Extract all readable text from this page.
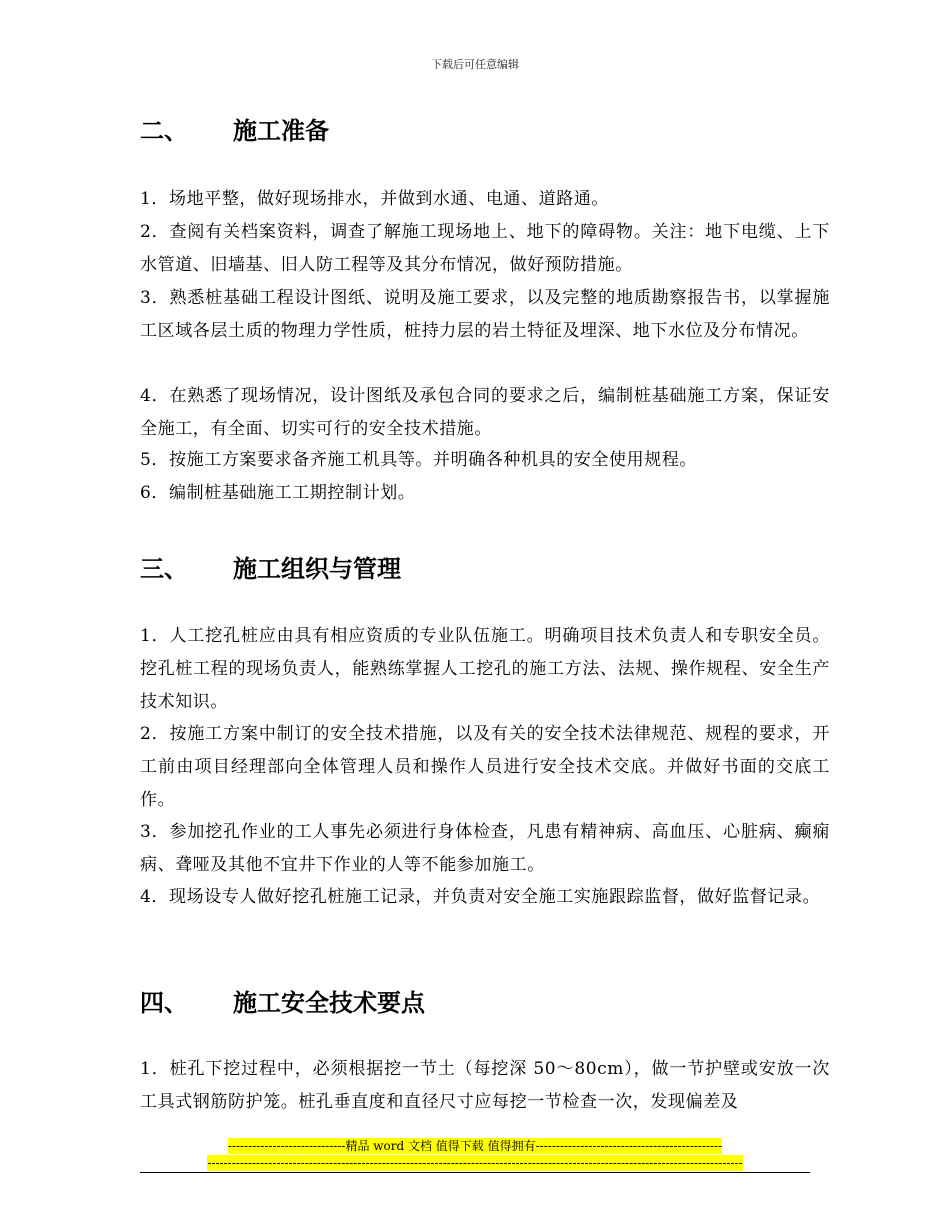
下载后可任意编辑
二、 施工准备
1．场地平整，做好现场排水，并做到水通、电通、道路通。
2．查阅有关档案资料，调查了解施工现场地上、地下的障碍物。关注：地下电缆、上下水管道、旧墙基、旧人防工程等及其分布情况，做好预防措施。
3．熟悉桩基础工程设计图纸、说明及施工要求，以及完整的地质勘察报告书，以掌握施工区域各层土质的物理力学性质，桩持力层的岩土特征及埋深、地下水位及分布情况。
4．在熟悉了现场情况，设计图纸及承包合同的要求之后，编制桩基础施工方案，保证安全施工，有全面、切实可行的安全技术措施。
5．按施工方案要求备齐施工机具等。并明确各种机具的安全使用规程。
6．编制桩基础施工工期控制计划。
三、 施工组织与管理
1．人工挖孔桩应由具有相应资质的专业队伍施工。明确项目技术负责人和专职安全员。挖孔桩工程的现场负责人，能熟练掌握人工挖孔的施工方法、法规、操作规程、安全生产技术知识。
2．按施工方案中制订的安全技术措施，以及有关的安全技术法律规范、规程的要求，开工前由项目经理部向全体管理人员和操作人员进行安全技术交底。并做好书面的交底工作。
3．参加挖孔作业的工人事先必须进行身体检查，凡患有精神病、高血压、心脏病、癫痫病、聋哑及其他不宜井下作业的人等不能参加施工。
4．现场设专人做好挖孔桩施工记录，并负责对安全施工实施跟踪监督，做好监督记录。
四、 施工安全技术要点
1．桩孔下挖过程中，必须根据挖一节土（每挖深 50～80cm），做一节护壁或安放一次工具式钢筋防护笼。桩孔垂直度和直径尺寸应每挖一节检查一次，发现偏差及
-----------------------------精品 word 文档 值得下载 值得拥有----------------------------------------------
------------------------------------------------------------------------------------------------------------------------------------
